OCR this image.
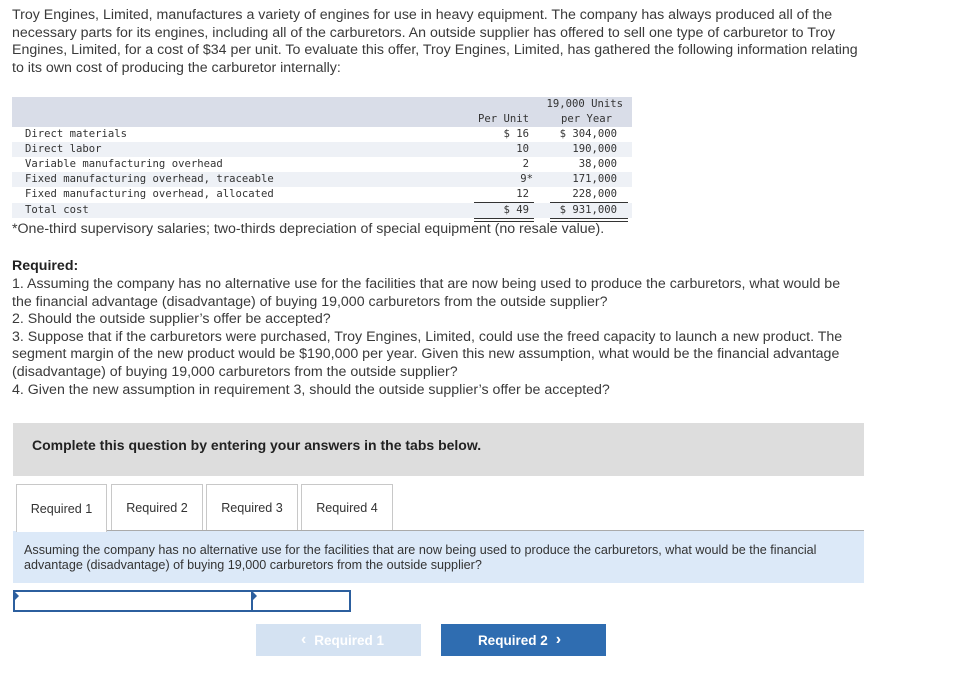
Troy Engines, Limited, manufactures a variety of engines for use in heavy equipment. The company has always produced all of the
necessary parts for its engines, including all of the carburetors. An outside supplier has offered to sell one type of carburetor to Troy
Engines, Limited, for a cost of $34 per unit. To evaluate this offer, Troy Engines, Limited, has gathered the following information relating
to its own cost of producing the carburetor internally:
Per Unit
19,000 Units
per Year
Direct materials	$ 16	$ 304,000
Direct labor	10	190,000
Variable manufacturing overhead	2	38,000
Fixed manufacturing overhead, traceable	9*	171,000
Fixed manufacturing overhead, allocated	12	228,000
Total cost	$ 49	$ 931,000

*One-third supervisory salaries; two-thirds depreciation of special equipment (no resale value).

Required:

1. Assuming the company has no alternative use for the facilities that are now being used to produce the carburetors, what would be

the financial advantage (disadvantage) of buying 19,000 carburetors from the outside supplier?

2. Should the outside supplier’s offer be accepted?

3. Suppose that if the carburetors were purchased, Troy Engines, Limited, could use the freed capacity to launch a new product. The

segment margin of the new product would be $190,000 per year. Given this new assumption, what would be the financial advantage

(disadvantage) of buying 19,000 carburetors from the outside supplier?

4. Given the new assumption in requirement 3, should the outside supplier’s offer be accepted?

Complete this question by entering your answers in the tabs below.
Required 1	Required 2	Required 3	Required 4
Assuming the company has no alternative use for the facilities that are now being used to produce the carburetors, what would be the financial advantage (disadvantage) of buying 19,000 carburetors from the outside supplier?
‹ Required 1	Required 2 ›
